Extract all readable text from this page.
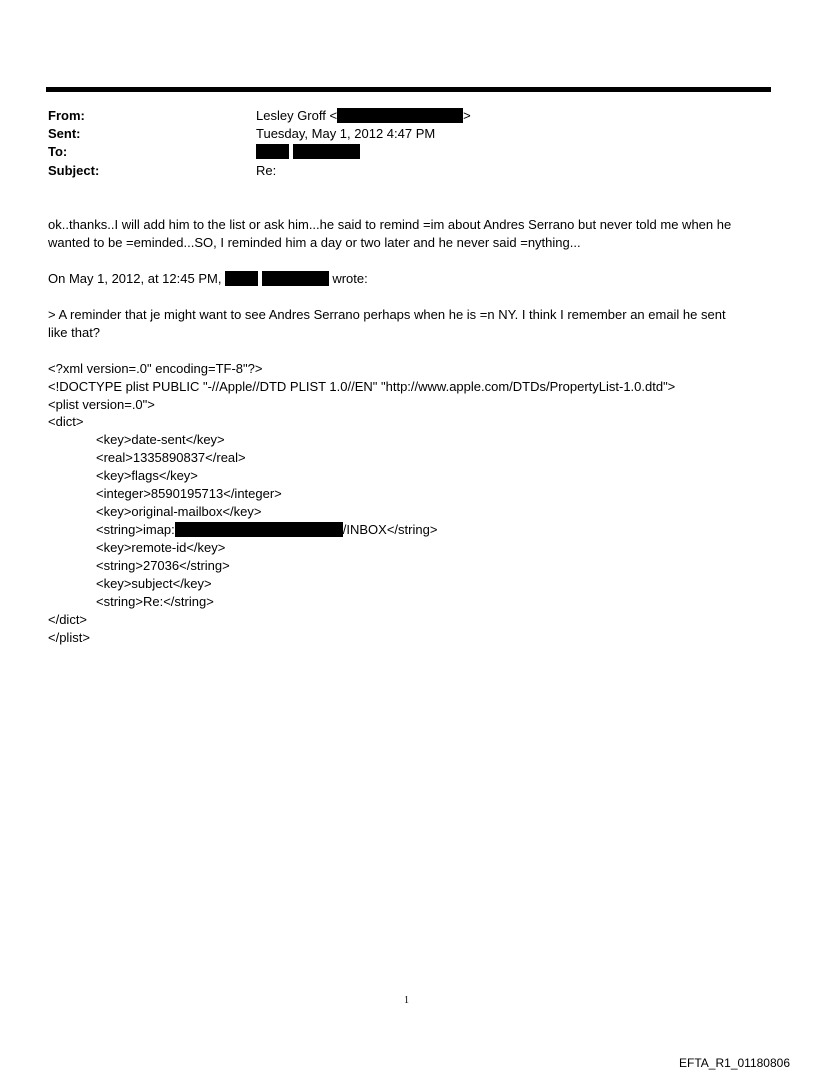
From:	Lesley Groff <	>
Sent:	Tuesday, May 1, 2012 4:47 PM
To:

Subject:	Re:
ok..thanks..I will add him to the list or ask him...he said to remind =im about Andres Serrano but never told me when he
wanted to be =eminded...SO, I reminded him a day or two later and he never said =nything...
On May 1, 2012, at 12:45 PM,	wrote:
> A reminder that je might want to see Andres Serrano perhaps when he is =n NY. I think I remember an email he sent
like that?
<?xml version=.0" encoding=TF-8"?>
<!DOCTYPE plist PUBLIC "-//Apple//DTD PLIST 1.0//EN" "http://www.apple.com/DTDs/PropertyList-1.0.dtd">
<plist version=.0">
<dict>
<key>date-sent</key>
<real>1335890837</real>
<key>flags</key>
<integer>8590195713</integer>
<key>original-mailbox</key>
<string>imap:	/INBOX</string>
<key>remote-id</key>
<string>27036</string>
<key>subject</key>
<string>Re:</string>
</dict>
</plist>
1
EFTA_R1_01180806
